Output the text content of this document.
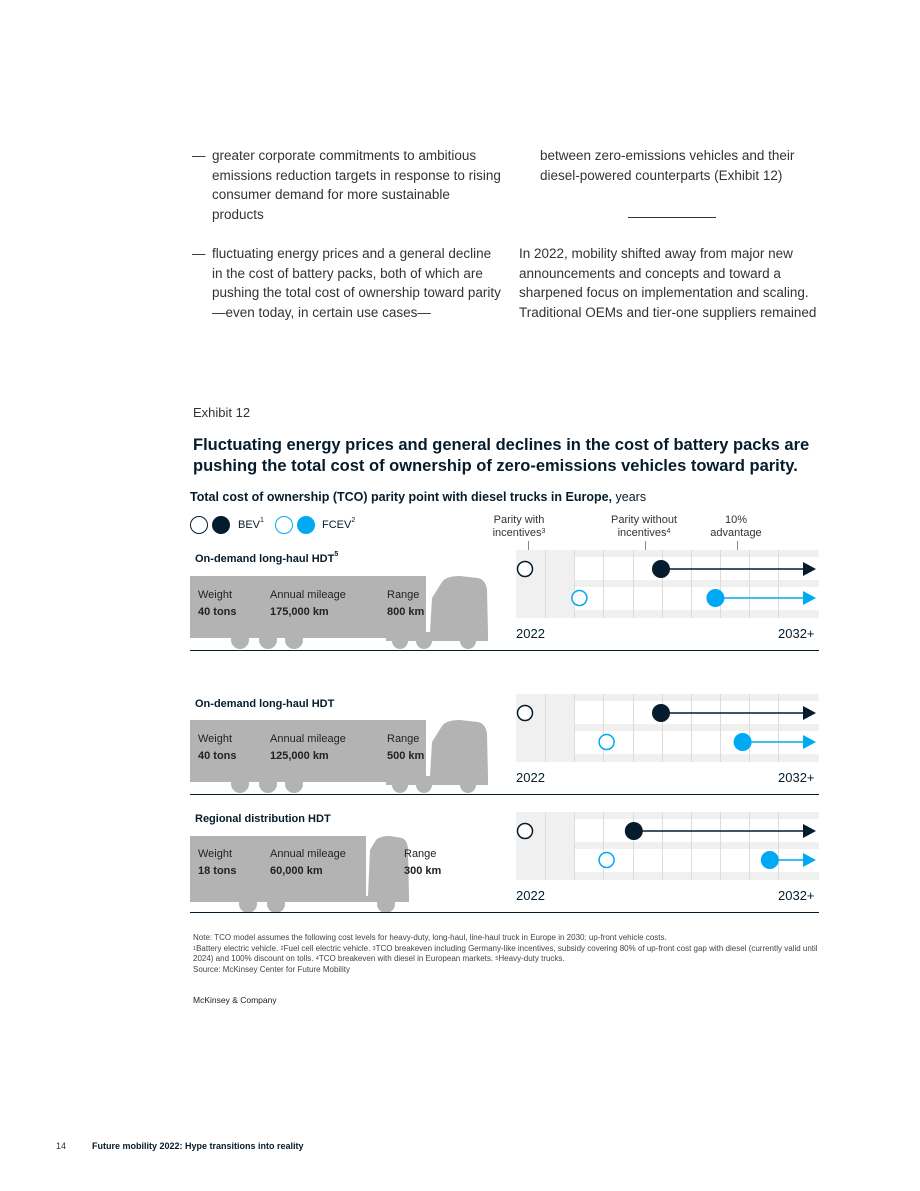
— greater corporate commitments to ambitious emissions reduction targets in response to rising consumer demand for more sustainable products
— fluctuating energy prices and a general decline in the cost of battery packs, both of which are pushing the total cost of ownership toward parity—even today, in certain use cases—
between zero-emissions vehicles and their diesel-powered counterparts (Exhibit 12)
In 2022, mobility shifted away from major new announcements and concepts and toward a sharpened focus on implementation and scaling. Traditional OEMs and tier-one suppliers remained
Exhibit 12
Fluctuating energy prices and general declines in the cost of battery packs are pushing the total cost of ownership of zero-emissions vehicles toward parity.
Total cost of ownership (TCO) parity point with diesel trucks in Europe, years
BEV$^1$	FCEV$^2$	Parity with
incentives$^3$
Parity without
incentives$^4$
10%
advantage
On-demand long-haul HDT$^5$
Weight
40 tons
Annual mileage
175,000 km
Range
800 km
2022	2032+
On-demand long-haul HDT
Weight
40 tons
Annual mileage
125,000 km
Range
500 km
2022	2032+
Regional distribution HDT
Weight
18 tons
Annual mileage
60,000 km
Range
300 km
2022	2032+
Note: TCO model assumes the following cost levels for heavy-duty, long-haul, line-haul truck in Europe in 2030: up-front vehicle costs.
$^1$Battery electric vehicle. $^2$Fuel cell electric vehicle. $^3$TCO breakeven including Germany-like incentives, subsidy covering 80% of up-front cost gap with diesel (currently valid until 2024) and 100% discount on tolls. $^4$TCO breakeven with diesel in European markets. $^5$Heavy-duty trucks.
Source: McKinsey Center for Future Mobility
McKinsey & Company
14	Future mobility 2022: Hype transitions into reality
